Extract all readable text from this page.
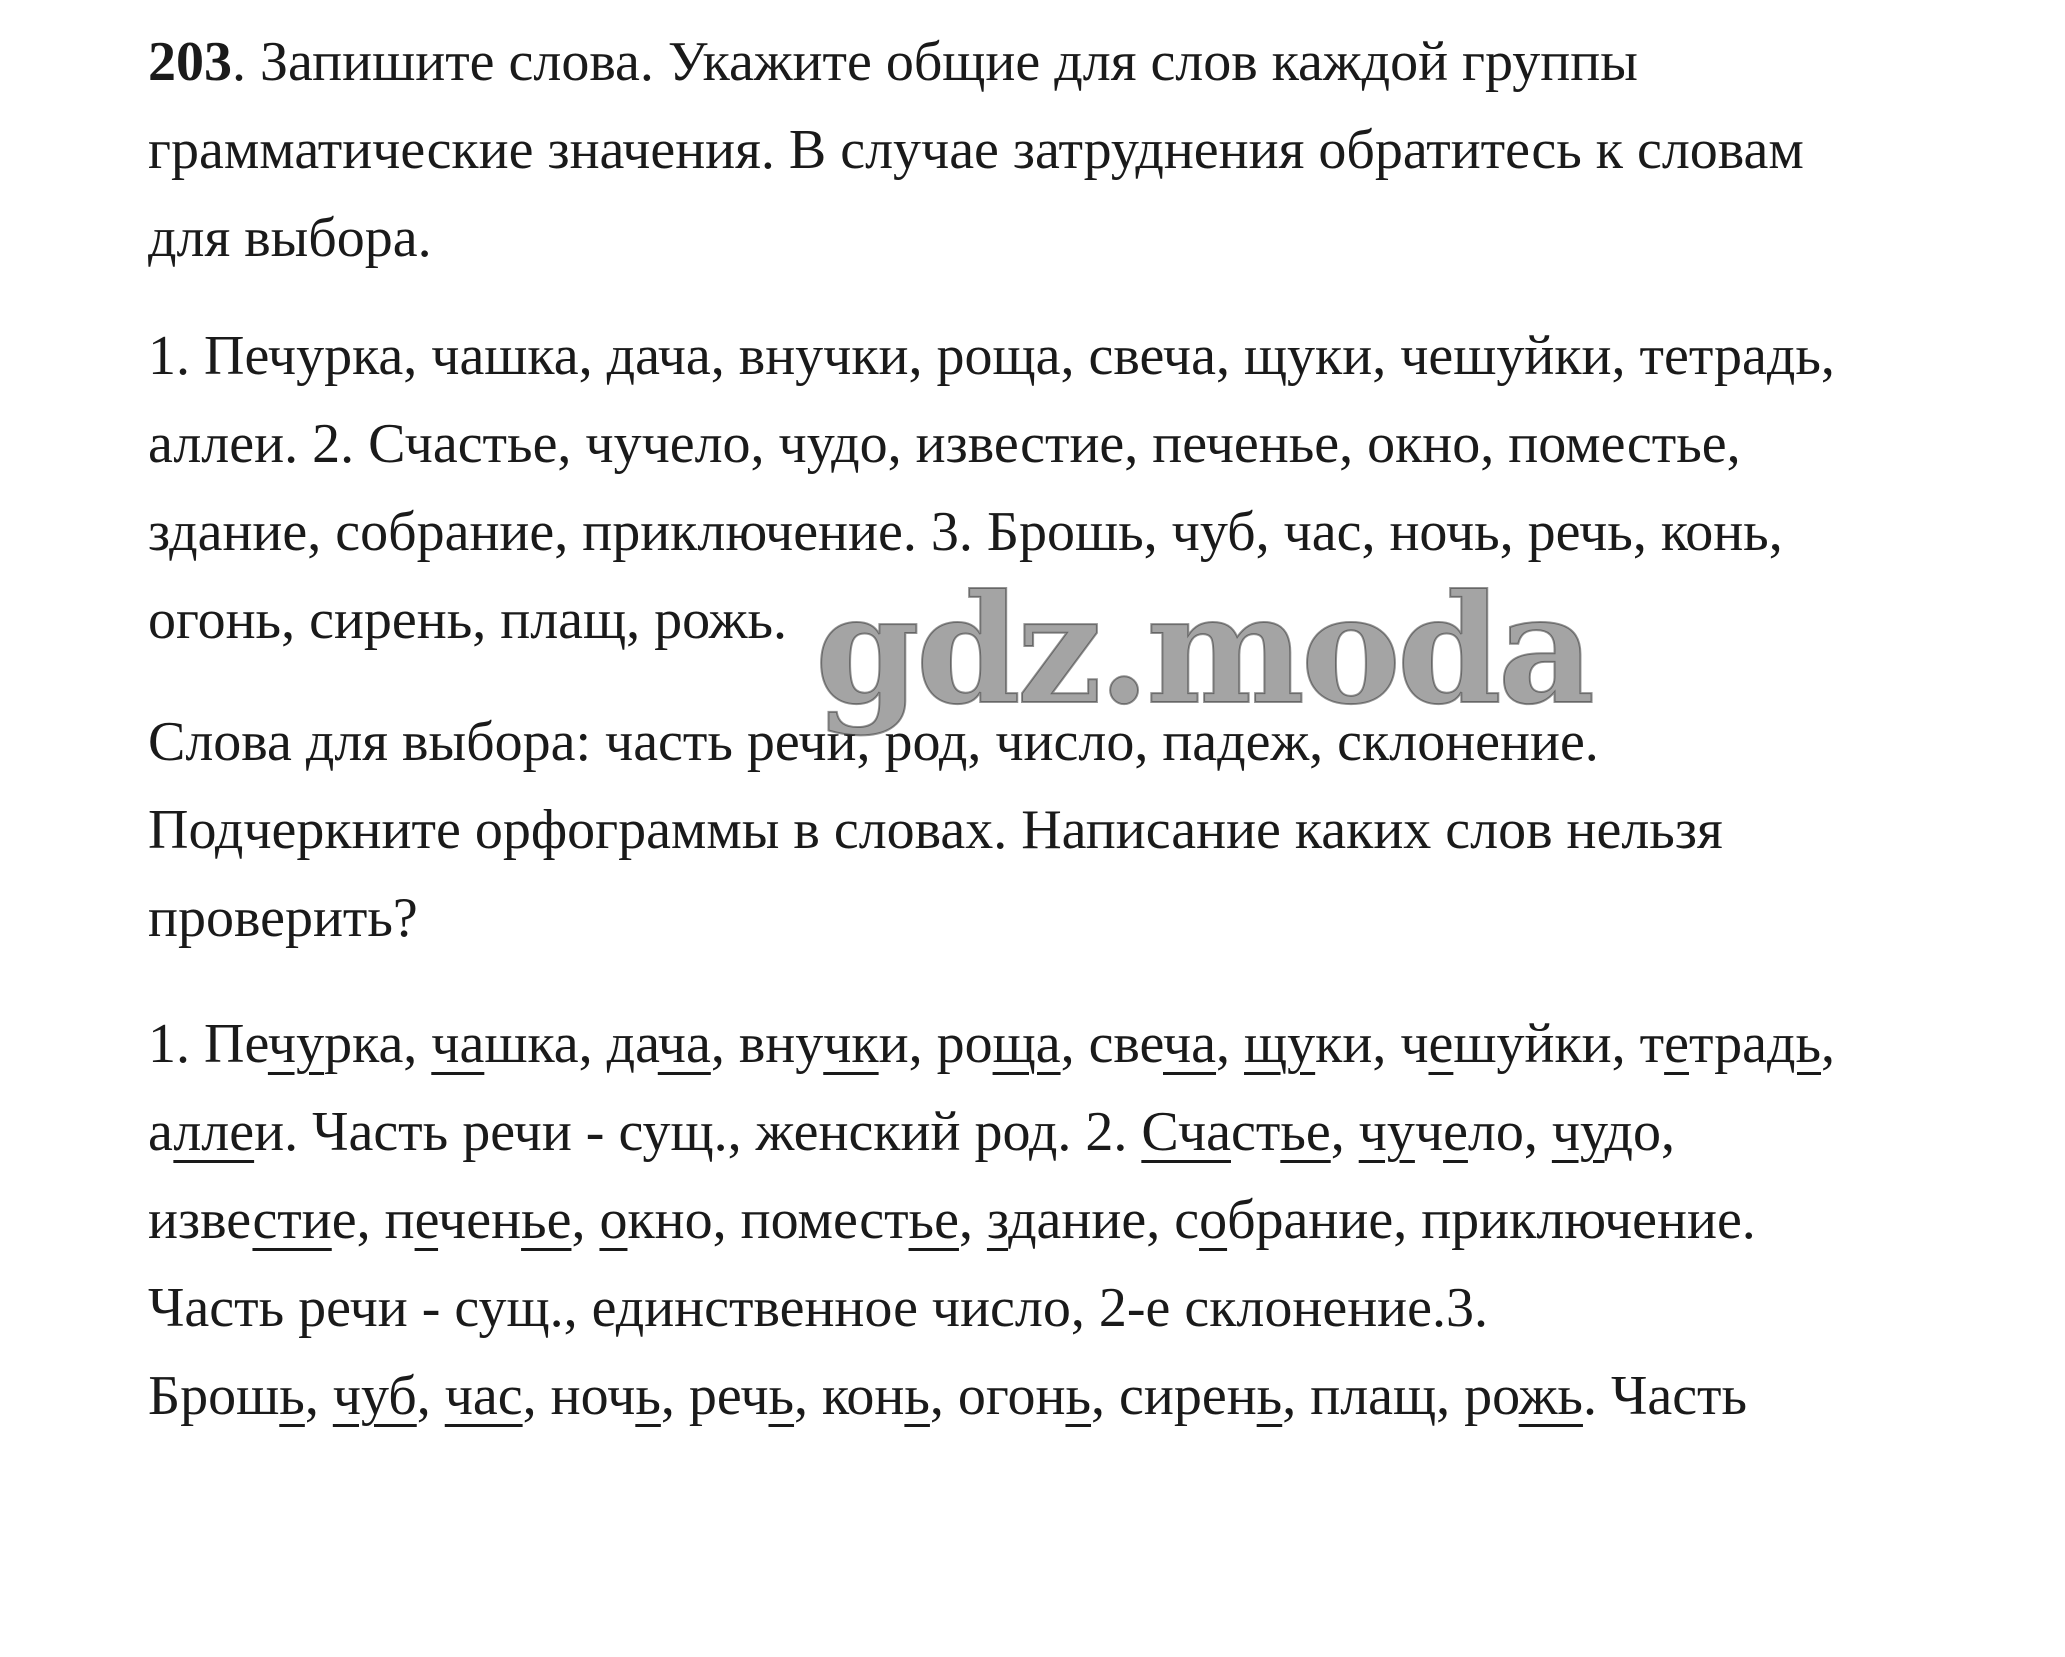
203. Запишите слова. Укажите общие для слов каждой группы
грамматические значения. В случае затруднения обратитесь к словам
для выбора.
1. Печурка, чашка, дача, внучки, роща, свеча, щуки, чешуйки, тетрадь,
аллеи. 2. Счастье, чучело, чудо, известие, печенье, окно, поместье,
здание, собрание, приключение. 3. Брошь, чуб, час, ночь, речь, конь,
огонь, сирень, плащ, рожь.
Слова для выбора: часть речи, род, число, падеж, склонение.
Подчеркните орфограммы в словах. Написание каких слов нельзя
проверить?
1. Печурка, чашка, дача, внучки, роща, свеча, щуки, чешуйки, тетрадь,
аллеи. Часть речи - сущ., женский род. 2. Счастье, чучело, чудо,
известие, печенье, окно, поместье, здание, собрание, приключение.
Часть речи - сущ., единственное число, 2-е склонение.3.
Брошь, чуб, час, ночь, речь, конь, огонь, сирень, плащ, рожь. Часть
gdz.moda
